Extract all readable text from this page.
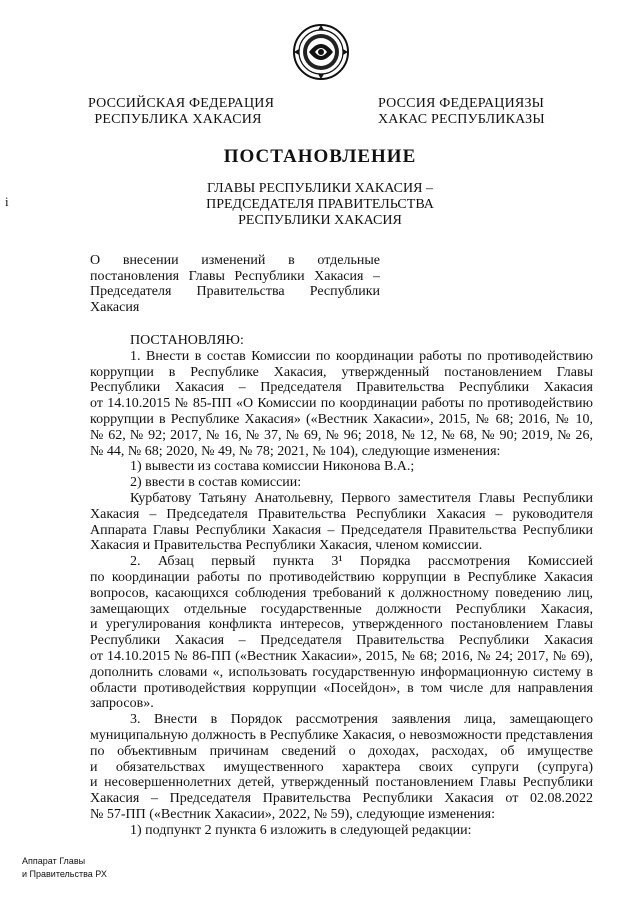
РОССИЙСКАЯ ФЕДЕРАЦИЯ
РЕСПУБЛИКА ХАКАСИЯ
РОССИЯ ФЕДЕРАЦИЯЗЫ
ХАКАС РЕСПУБЛИКАЗЫ
ПОСТАНОВЛЕНИЕ
ГЛАВЫ РЕСПУБЛИКИ ХАКАСИЯ –
ПРЕДСЕДАТЕЛЯ ПРАВИТЕЛЬСТВА
РЕСПУБЛИКИ ХАКАСИЯ
i
О внесении изменений в отдельные
постановления Главы Республики Хакасия –
Председателя Правительства Республики
Хакасия
ПОСТАНОВЛЯЮ:
1. Внести в состав Комиссии по координации работы по противодействию
коррупции в Республике Хакасия, утвержденный постановлением Главы
Республики Хакасия – Председателя Правительства Республики Хакасия
от 14.10.2015 № 85-ПП «О Комиссии по координации работы по противодействию
коррупции в Республике Хакасия» («Вестник Хакасии», 2015, № 68; 2016, № 10,
№ 62, № 92; 2017, № 16, № 37, № 69, № 96; 2018, № 12, № 68, № 90; 2019, № 26,
№ 44, № 68; 2020, № 49, № 78; 2021, № 104), следующие изменения:
1) вывести из состава комиссии Никонова В.А.;
2) ввести в состав комиссии:
Курбатову Татьяну Анатольевну, Первого заместителя Главы Республики
Хакасия – Председателя Правительства Республики Хакасия – руководителя
Аппарата Главы Республики Хакасия – Председателя Правительства Республики
Хакасия и Правительства Республики Хакасия, членом комиссии.
2. Абзац первый пункта 3¹ Порядка рассмотрения Комиссией
по координации работы по противодействию коррупции в Республике Хакасия
вопросов, касающихся соблюдения требований к должностному поведению лиц,
замещающих отдельные государственные должности Республики Хакасия,
и урегулирования конфликта интересов, утвержденного постановлением Главы
Республики Хакасия – Председателя Правительства Республики Хакасия
от 14.10.2015 № 86-ПП («Вестник Хакасии», 2015, № 68; 2016, № 24; 2017, № 69),
дополнить словами «, использовать государственную информационную систему в
области противодействия коррупции «Посейдон», в том числе для направления
запросов».
3. Внести в Порядок рассмотрения заявления лица, замещающего
муниципальную должность в Республике Хакасия, о невозможности представления
по объективным причинам сведений о доходах, расходах, об имуществе
и обязательствах имущественного характера своих супруги (супруга)
и несовершеннолетних детей, утвержденный постановлением Главы Республики
Хакасия – Председателя Правительства Республики Хакасия от 02.08.2022
№ 57-ПП («Вестник Хакасии», 2022, № 59), следующие изменения:
1) подпункт 2 пункта 6 изложить в следующей редакции:
Аппарат Главы
и Правительства РХ
